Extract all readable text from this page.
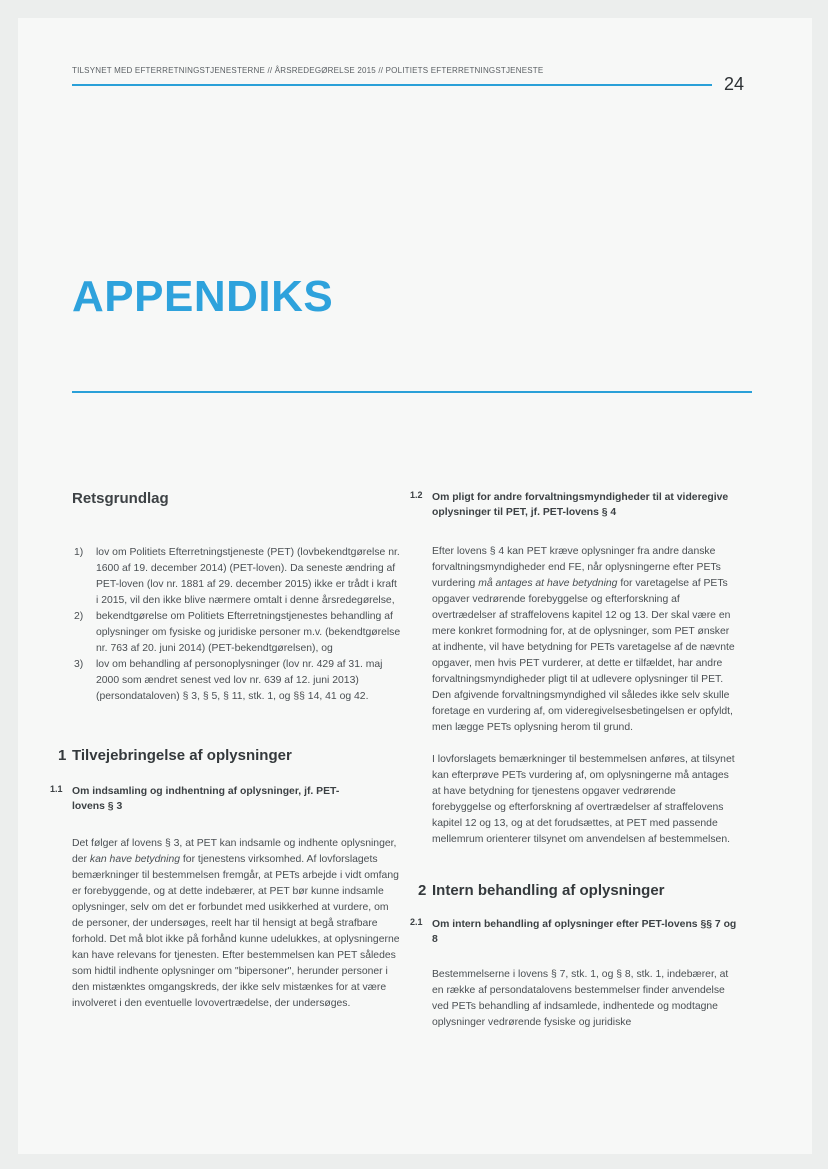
TILSYNET MED EFTERRETNINGSTJENESTERNE // ÅRSREDEGØRELSE 2015 // POLITIETS EFTERRETNINGSTJENESTE
24
APPENDIKS
Retsgrundlag
1) lov om Politiets Efterretningstjeneste (PET) (lovbekendtgørelse nr. 1600 af 19. december 2014) (PET-loven). Da seneste ændring af PET-loven (lov nr. 1881 af 29. december 2015) ikke er trådt i kraft i 2015, vil den ikke blive nærmere omtalt i denne årsredegørelse,
2) bekendtgørelse om Politiets Efterretningstjenestes behandling af oplysninger om fysiske og juridiske personer m.v. (bekendtgørelse nr. 763 af 20. juni 2014) (PET-bekendtgørelsen), og
3) lov om behandling af personoplysninger (lov nr. 429 af 31. maj 2000 som ændret senest ved lov nr. 639 af 12. juni 2013) (persondataloven) § 3, § 5, § 11, stk. 1, og §§ 14, 41 og 42.
1 Tilvejebringelse af oplysninger
1.1 Om indsamling og indhentning af oplysninger, jf. PET-lovens § 3

Det følger af lovens § 3, at PET kan indsamle og indhente oplysninger, der kan have betydning for tjenestens virksomhed. Af lovforslagets bemærkninger til bestemmelsen fremgår, at PETs arbejde i vidt omfang er forebyggende, og at dette indebærer, at PET bør kunne indsamle oplysninger, selv om det er forbundet med usikkerhed at vurdere, om de personer, der undersøges, reelt har til hensigt at begå strafbare forhold. Det må blot ikke på forhånd kunne udelukkes, at oplysningerne kan have relevans for tjenesten. Efter bestemmelsen kan PET således som hidtil indhente oplysninger om "bipersoner", herunder personer i den mistænktes omgangskreds, der ikke selv mistænkes for at være involveret i den eventuelle lovovertrædelse, der undersøges.

1.2 Om pligt for andre forvaltningsmyndigheder til at videregive oplysninger til PET, jf. PET-lovens § 4

Efter lovens § 4 kan PET kræve oplysninger fra andre danske forvaltningsmyndigheder end FE, når oplysningerne efter PETs vurdering må antages at have betydning for varetagelse af PETs opgaver vedrørende forebyggelse og efterforskning af overtrædelser af straffelovens kapitel 12 og 13. Der skal være en mere konkret formodning for, at de oplysninger, som PET ønsker at indhente, vil have betydning for PETs varetagelse af de nævnte opgaver, men hvis PET vurderer, at dette er tilfældet, har andre forvaltningsmyndigheder pligt til at udlevere oplysninger til PET. Den afgivende forvaltningsmyndighed vil således ikke selv skulle foretage en vurdering af, om videregivelsesbetingelsen er opfyldt, men lægge PETs oplysning herom til grund.

I lovforslagets bemærkninger til bestemmelsen anføres, at tilsynet kan efterprøve PETs vurdering af, om oplysningerne må antages at have betydning for tjenestens opgaver vedrørende forebyggelse og efterforskning af overtrædelser af straffelovens kapitel 12 og 13, og at det forudsættes, at PET med passende mellemrum orienterer tilsynet om anvendelsen af bestemmelsen.

2 Intern behandling af oplysninger
2.1 Om intern behandling af oplysninger efter PET-lovens §§ 7 og 8

Bestemmelserne i lovens § 7, stk. 1, og § 8, stk. 1, indebærer, at en række af persondatalovens bestemmelser finder anvendelse ved PETs behandling af indsamlede, indhentede og modtagne oplysninger vedrørende fysiske og juridiske
